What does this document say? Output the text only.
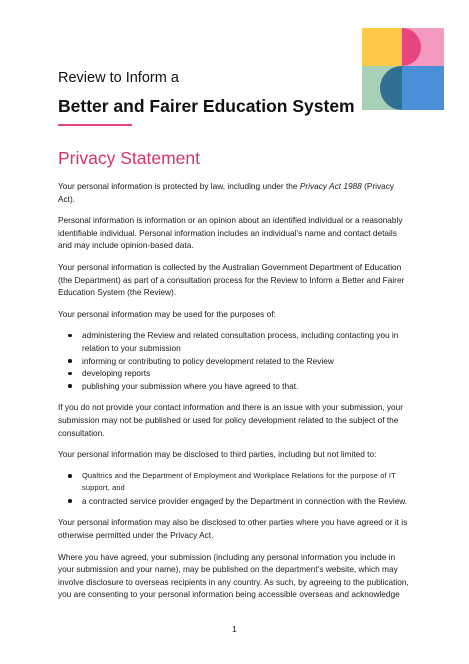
Review to Inform a
Better and Fairer Education System
Privacy Statement

Your personal information is protected by law, including under the Privacy Act 1988 (Privacy Act).

Personal information is information or an opinion about an identified individual or a reasonably identifiable individual. Personal information includes an individual’s name and contact details and may include opinion-based data.

Your personal information is collected by the Australian Government Department of Education (the Department) as part of a consultation process for the Review to Inform a Better and Fairer Education System (the Review).

Your personal information may be used for the purposes of:

administering the Review and related consultation process, including contacting you in relation to your submission
informing or contributing to policy development related to the Review
developing reports
publishing your submission where you have agreed to that.

If you do not provide your contact information and there is an issue with your submission, your submission may not be published or used for policy development related to the subject of the consultation.

Your personal information may be disclosed to third parties, including but not limited to:

Qualtrics and the Department of Employment and Workplace Relations for the purpose of IT support, and
a contracted service provider engaged by the Department in connection with the Review.

Your personal information may also be disclosed to other parties where you have agreed or it is otherwise permitted under the Privacy Act.

Where you have agreed, your submission (including any personal information you include in your submission and your name), may be published on the department’s website, which may involve disclosure to overseas recipients in any country. As such, by agreeing to the publication, you are consenting to your personal information being accessible overseas and acknowledge

1
